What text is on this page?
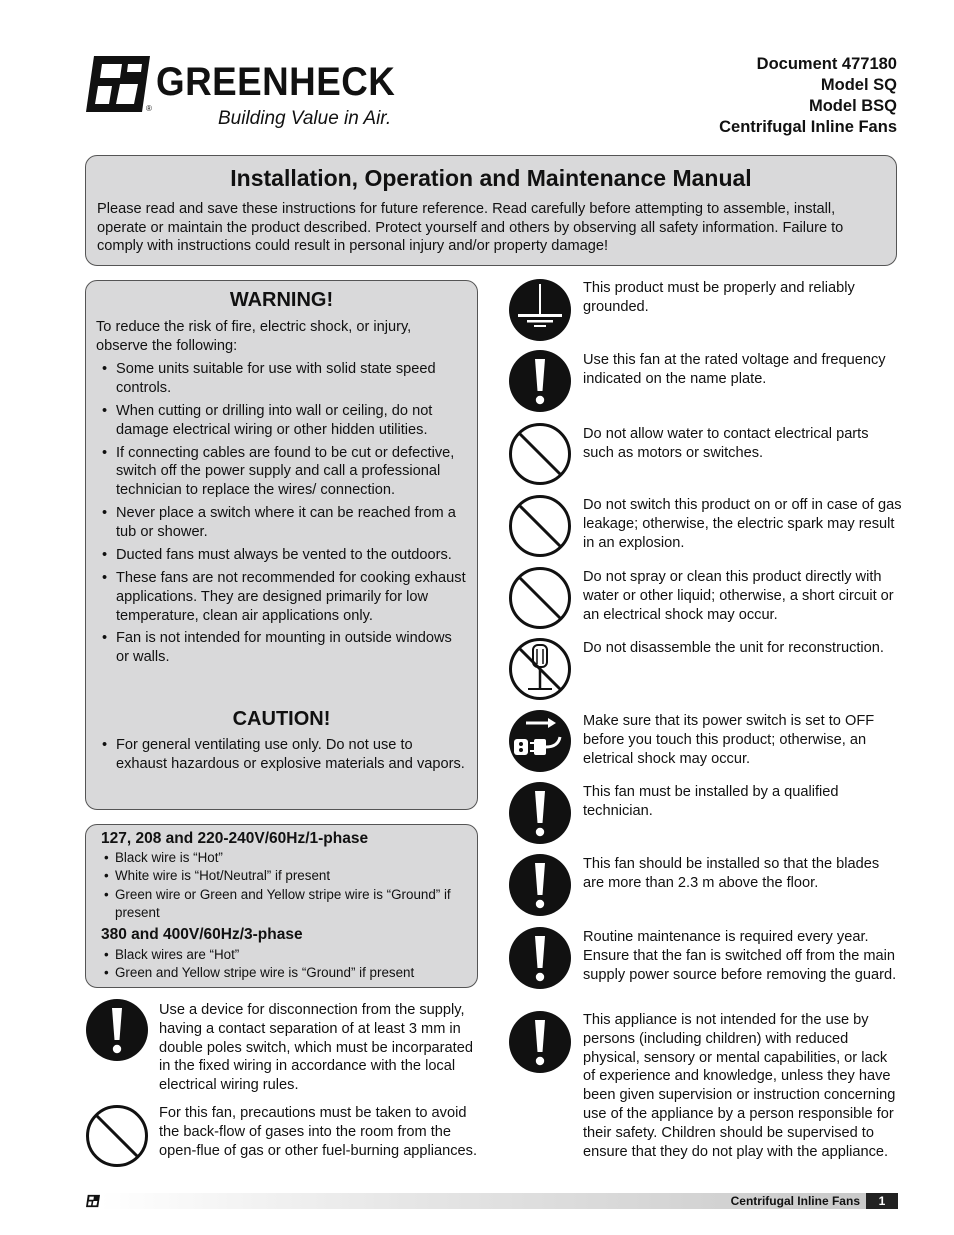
GREENHECK
®	Building Value in Air.
Document 477180
Model SQ
Model BSQ
Centrifugal Inline Fans
Installation, Operation and Maintenance Manual
Please read and save these instructions for future reference. Read carefully before attempting to assemble, install, operate or maintain the product described. Protect yourself and others by observing all safety information. Failure to comply with instructions could result in personal injury and/or property damage!
WARNING!
To reduce the risk of fire, electric shock, or injury, observe the following:
• Some units suitable for use with solid state speed controls.
• When cutting or drilling into wall or ceiling, do not damage electrical wiring or other hidden utilities.
• If connecting cables are found to be cut or defective, switch off the power supply and call a professional technician to replace the wires/ connection.
• Never place a switch where it can be reached from a tub or shower.
• Ducted fans must always be vented to the outdoors.
• These fans are not recommended for cooking exhaust applications. They are designed primarily for low temperature, clean air applications only.
• Fan is not intended for mounting in outside windows or walls.
CAUTION!
• For general ventilating use only. Do not use to exhaust hazardous or explosive materials and vapors.
127, 208 and 220-240V/60Hz/1-phase
• Black wire is “Hot”
• White wire is “Hot/Neutral” if present
• Green wire or Green and Yellow stripe wire is “Ground” if present
380 and 400V/60Hz/3-phase
• Black wires are “Hot”
• Green and Yellow stripe wire is “Ground” if present
Use a device for disconnection from the supply, having a contact separation of at least 3 mm in double poles switch, which must be incorparated in the fixed wiring in accordance with the local electrical wiring rules.
For this fan, precautions must be taken to avoid the back-flow of gases into the room from the open-flue of gas or other fuel-burning appliances.
This product must be properly and reliably grounded.
Use this fan at the rated voltage and frequency indicated on the name plate.
Do not allow water to contact electrical parts such as motors or switches.
Do not switch this product on or off in case of gas leakage; otherwise, the electric spark may result in an explosion.
Do not spray or clean this product directly with water or other liquid; otherwise, a short circuit or an electrical shock may occur.
Do not disassemble the unit for reconstruction.
Make sure that its power switch is set to OFF before you touch this product; otherwise, an eletrical shock may occur.
This fan must be installed by a qualified technician.
This fan should be installed so that the blades are more than 2.3 m above the floor.
Routine maintenance is required every year. Ensure that the fan is switched off from the main supply power source before removing the guard.
This appliance is not intended for the use by persons (including children) with reduced physical, sensory or mental capabilities, or lack of experience and knowledge, unless they have been given supervision or instruction concerning use of the appliance by a person responsible for their safety. Children should be supervised to ensure that they do not play with the appliance.
Centrifugal Inline Fans	1
